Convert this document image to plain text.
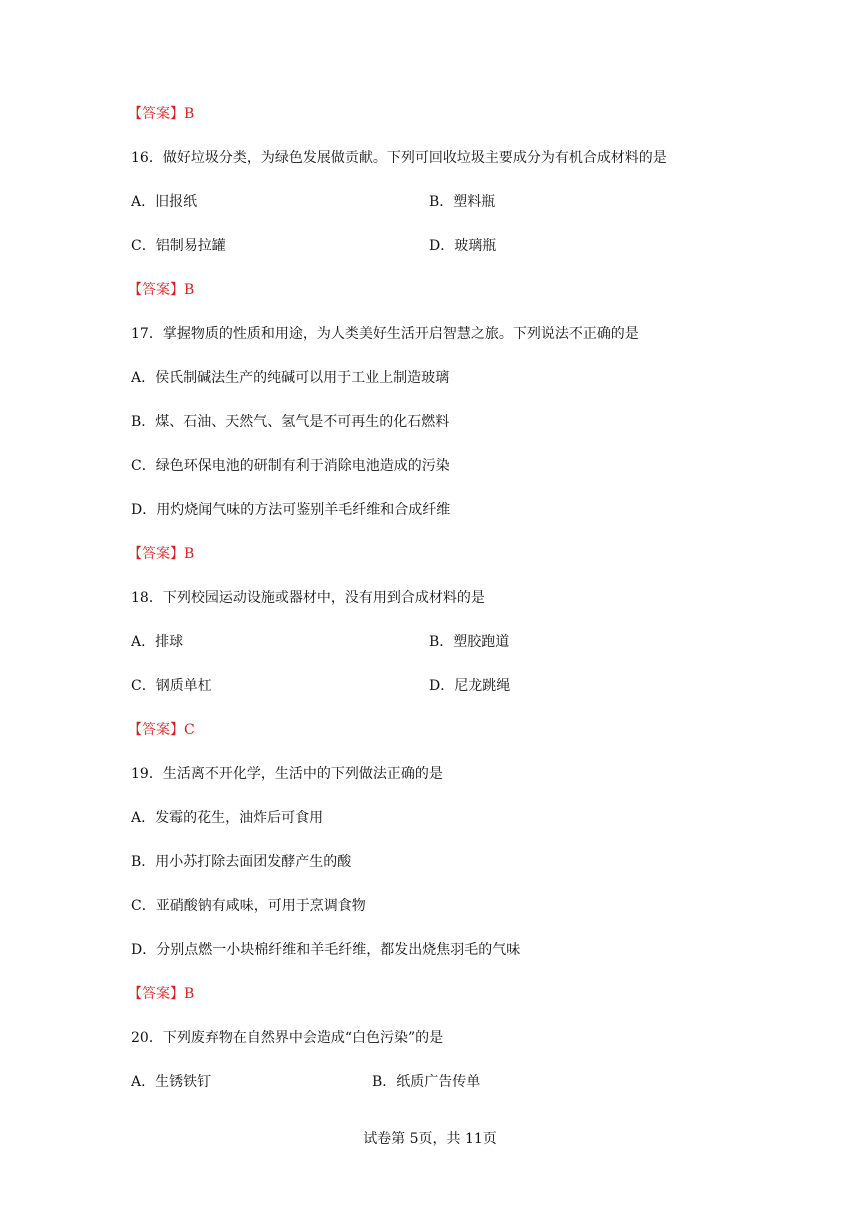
【答案】B
16．做好垃圾分类，为绿色发展做贡献。下列可回收垃圾主要成分为有机合成材料的是
A．旧报纸	B．塑料瓶
C．铝制易拉罐	D．玻璃瓶
【答案】B
17．掌握物质的性质和用途，为人类美好生活开启智慧之旅。下列说法不正确的是
A．侯氏制碱法生产的纯碱可以用于工业上制造玻璃
B．煤、石油、天然气、氢气是不可再生的化石燃料
C．绿色环保电池的研制有利于消除电池造成的污染
D．用灼烧闻气味的方法可鉴别羊毛纤维和合成纤维
【答案】B
18．下列校园运动设施或器材中，没有用到合成材料的是
A．排球	B．塑胶跑道
C．钢质单杠	D．尼龙跳绳
【答案】C
19．生活离不开化学，生活中的下列做法正确的是
A．发霉的花生，油炸后可食用
B．用小苏打除去面团发酵产生的酸
C．亚硝酸钠有咸味，可用于烹调食物
D．分别点燃一小块棉纤维和羊毛纤维，都发出烧焦羽毛的气味
【答案】B
20．下列废弃物在自然界中会造成“白色污染”的是
A．生锈铁钉	B．纸质广告传单
试卷第 5页，共 11页
